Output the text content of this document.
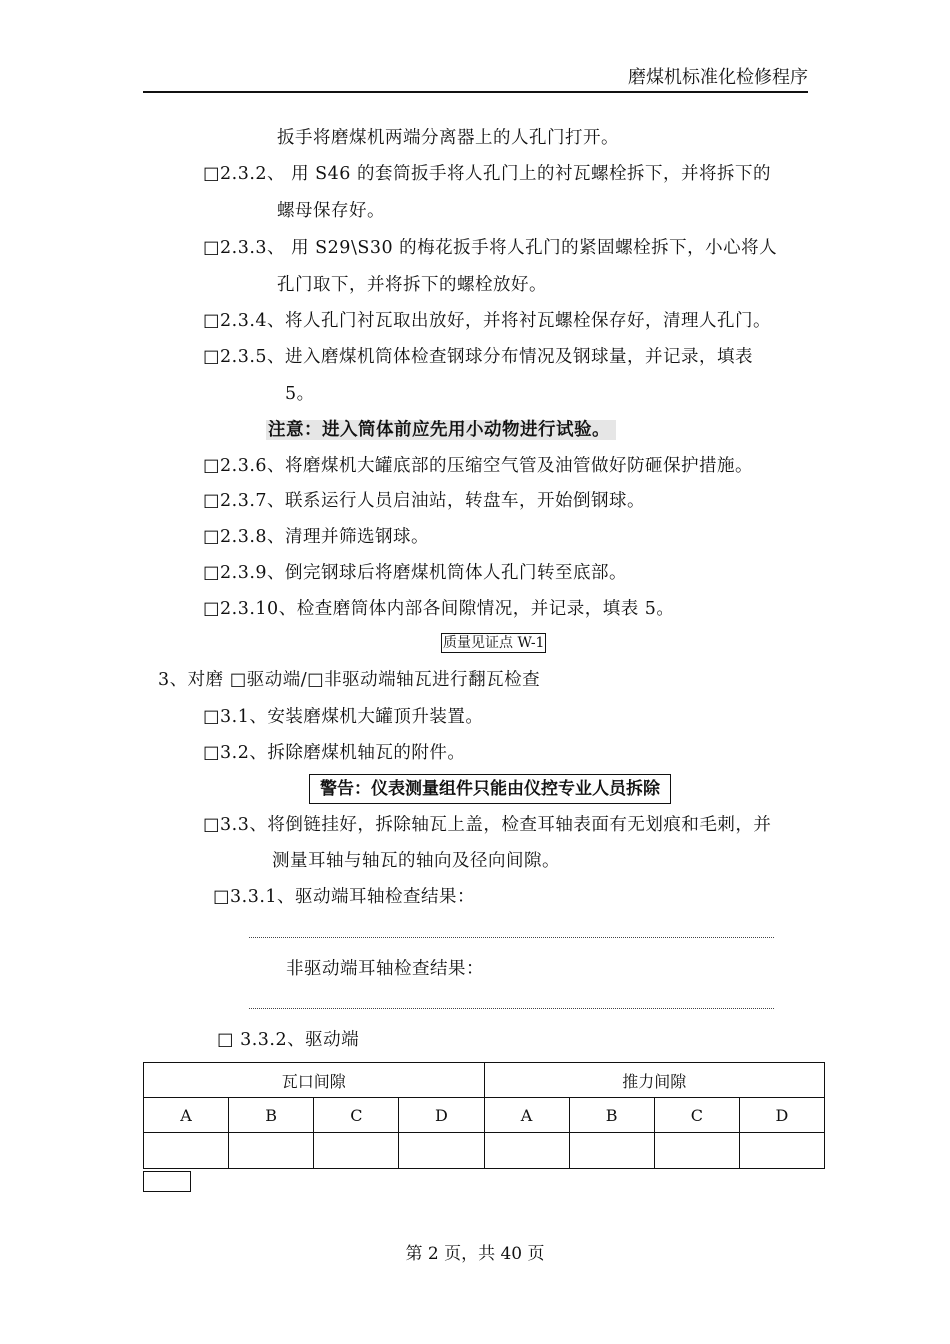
磨煤机标准化检修程序
扳手将磨煤机两端分离器上的人孔门打开。
□2.3.2、 用 S46 的套筒扳手将人孔门上的衬瓦螺栓拆下，并将拆下的
螺母保存好。
□2.3.3、 用 S29\S30 的梅花扳手将人孔门的紧固螺栓拆下，小心将人
孔门取下，并将拆下的螺栓放好。
□2.3.4、将人孔门衬瓦取出放好，并将衬瓦螺栓保存好，清理人孔门。
□2.3.5、进入磨煤机筒体检查钢球分布情况及钢球量，并记录，填表
5。
注意：进入筒体前应先用小动物进行试验。
□2.3.6、将磨煤机大罐底部的压缩空气管及油管做好防砸保护措施。
□2.3.7、联系运行人员启油站，转盘车，开始倒钢球。
□2.3.8、清理并筛选钢球。
□2.3.9、倒完钢球后将磨煤机筒体人孔门转至底部。
□2.3.10、检查磨筒体内部各间隙情况，并记录，填表 5。
质量见证点 W-1
3、对磨 □驱动端/□非驱动端轴瓦进行翻瓦检查
□3.1、安装磨煤机大罐顶升装置。
□3.2、拆除磨煤机轴瓦的附件。
警告：仪表测量组件只能由仪控专业人员拆除
□3.3、将倒链挂好，拆除轴瓦上盖，检查耳轴表面有无划痕和毛刺，并
测量耳轴与轴瓦的轴向及径向间隙。
□3.3.1、驱动端耳轴检查结果：
非驱动端耳轴检查结果：
□ 3.3.2、驱动端
瓦口间隙				推力间隙			
A	B	C	D	A	B	C	D

第 2 页，共 40 页
